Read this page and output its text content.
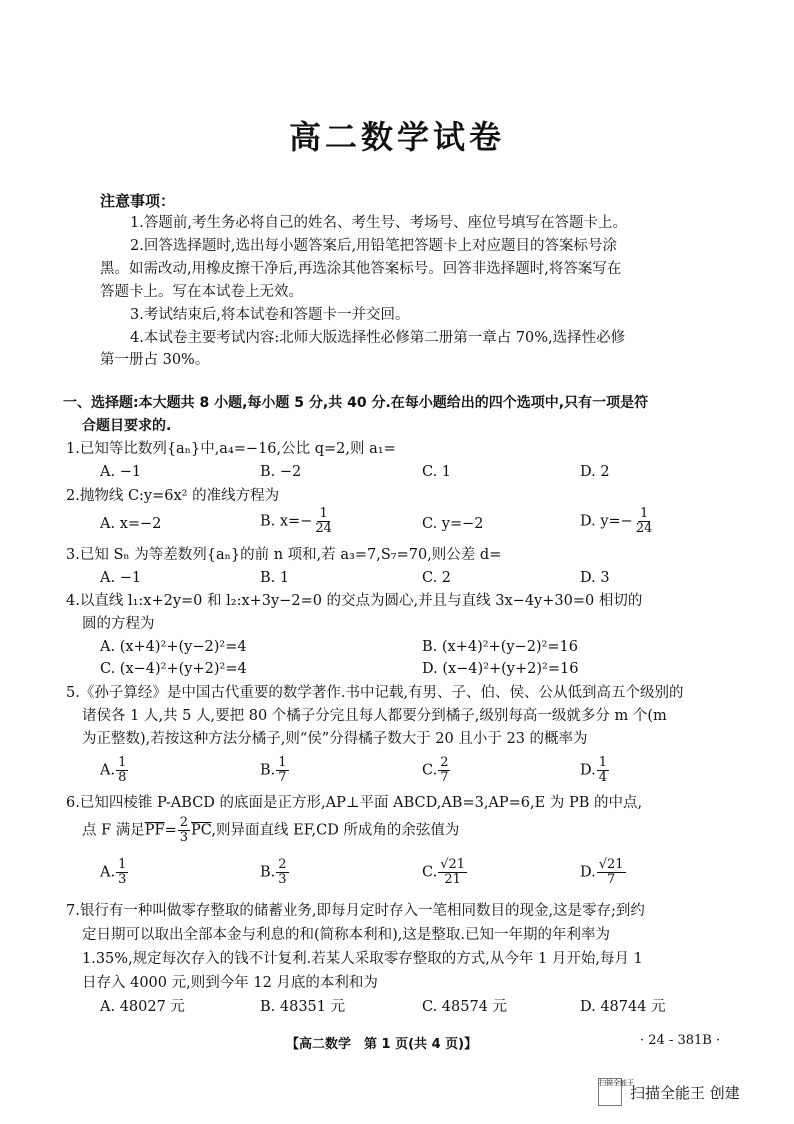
高二数学试卷
注意事项：
1.答题前,考生务必将自己的姓名、考生号、考场号、座位号填写在答题卡上。
2.回答选择题时,选出每小题答案后,用铅笔把答题卡上对应题目的答案标号涂
黑。如需改动,用橡皮擦干净后,再选涂其他答案标号。回答非选择题时,将答案写在
答题卡上。写在本试卷上无效。
3.考试结束后,将本试卷和答题卡一并交回。
4.本试卷主要考试内容:北师大版选择性必修第二册第一章占 70%,选择性必修
第一册占 30%。
一、选择题:本大题共 8 小题,每小题 5 分,共 40 分.在每小题给出的四个选项中,只有一项是符
合题目要求的.
1.已知等比数列{aₙ}中,a₄=−16,公比 q=2,则 a₁=
A. −1	B. −2	C. 1	D. 2
2.抛物线 C:y=6x² 的准线方程为
A. x=−2	B. $x=- \frac{1}{24}$	C. y=−2	D. $y=- \frac{1}{24}$
3.已知 Sₙ 为等差数列{aₙ}的前 n 项和,若 a₃=7,S₇=70,则公差 d=
A. −1	B. 1	C. 2	D. 3
4.以直线 l₁:x+2y=0 和 l₂:x+3y−2=0 的交点为圆心,并且与直线 3x−4y+30=0 相切的
圆的方程为
A. (x+4)²+(y−2)²=4	B. (x+4)²+(y−2)²=16
C. (x−4)²+(y+2)²=4	D. (x−4)²+(y+2)²=16
5.《孙子算经》是中国古代重要的数学著作.书中记载,有男、子、伯、侯、公从低到高五个级别的
诸侯各 1 人,共 5 人,要把 80 个橘子分完且每人都要分到橘子,级别每高一级就多分 m 个(m
为正整数),若按这种方法分橘子,则“侯”分得橘子数大于 20 且小于 23 的概率为
A. $\frac{1}{8}$	B. $\frac{1}{7}$	C. $\frac{2}{7}$	D. $\frac{1}{4}$
6.已知四棱锥 P-ABCD 的底面是正方形,AP⊥平面 ABCD,AB=3,AP=6,E 为 PB 的中点,
点 F 满足$\overline{PF}= \frac{2}{3} \overline{PC}$,则异面直线 EF,CD 所成角的余弦值为
A. $\frac{1}{3}$	B. $\frac{2}{3}$	C. $\frac{√21}{21}$	D. $\frac{√21}{7}$
7.银行有一种叫做零存整取的储蓄业务,即每月定时存入一笔相同数目的现金,这是零存;到约
定日期可以取出全部本金与利息的和(简称本利和),这是整取.已知一年期的年利率为
1.35%,规定每次存入的钱不计复利.若某人采取零存整取的方式,从今年 1 月开始,每月 1
日存入 4000 元,则到今年 12 月底的本利和为
A. 48027 元	B. 48351 元	C. 48574 元	D. 48744 元
【高二数学　第 1 页(共 4 页)】	· 24 - 381B ·
扫描全能王
扫描全能王 创建
